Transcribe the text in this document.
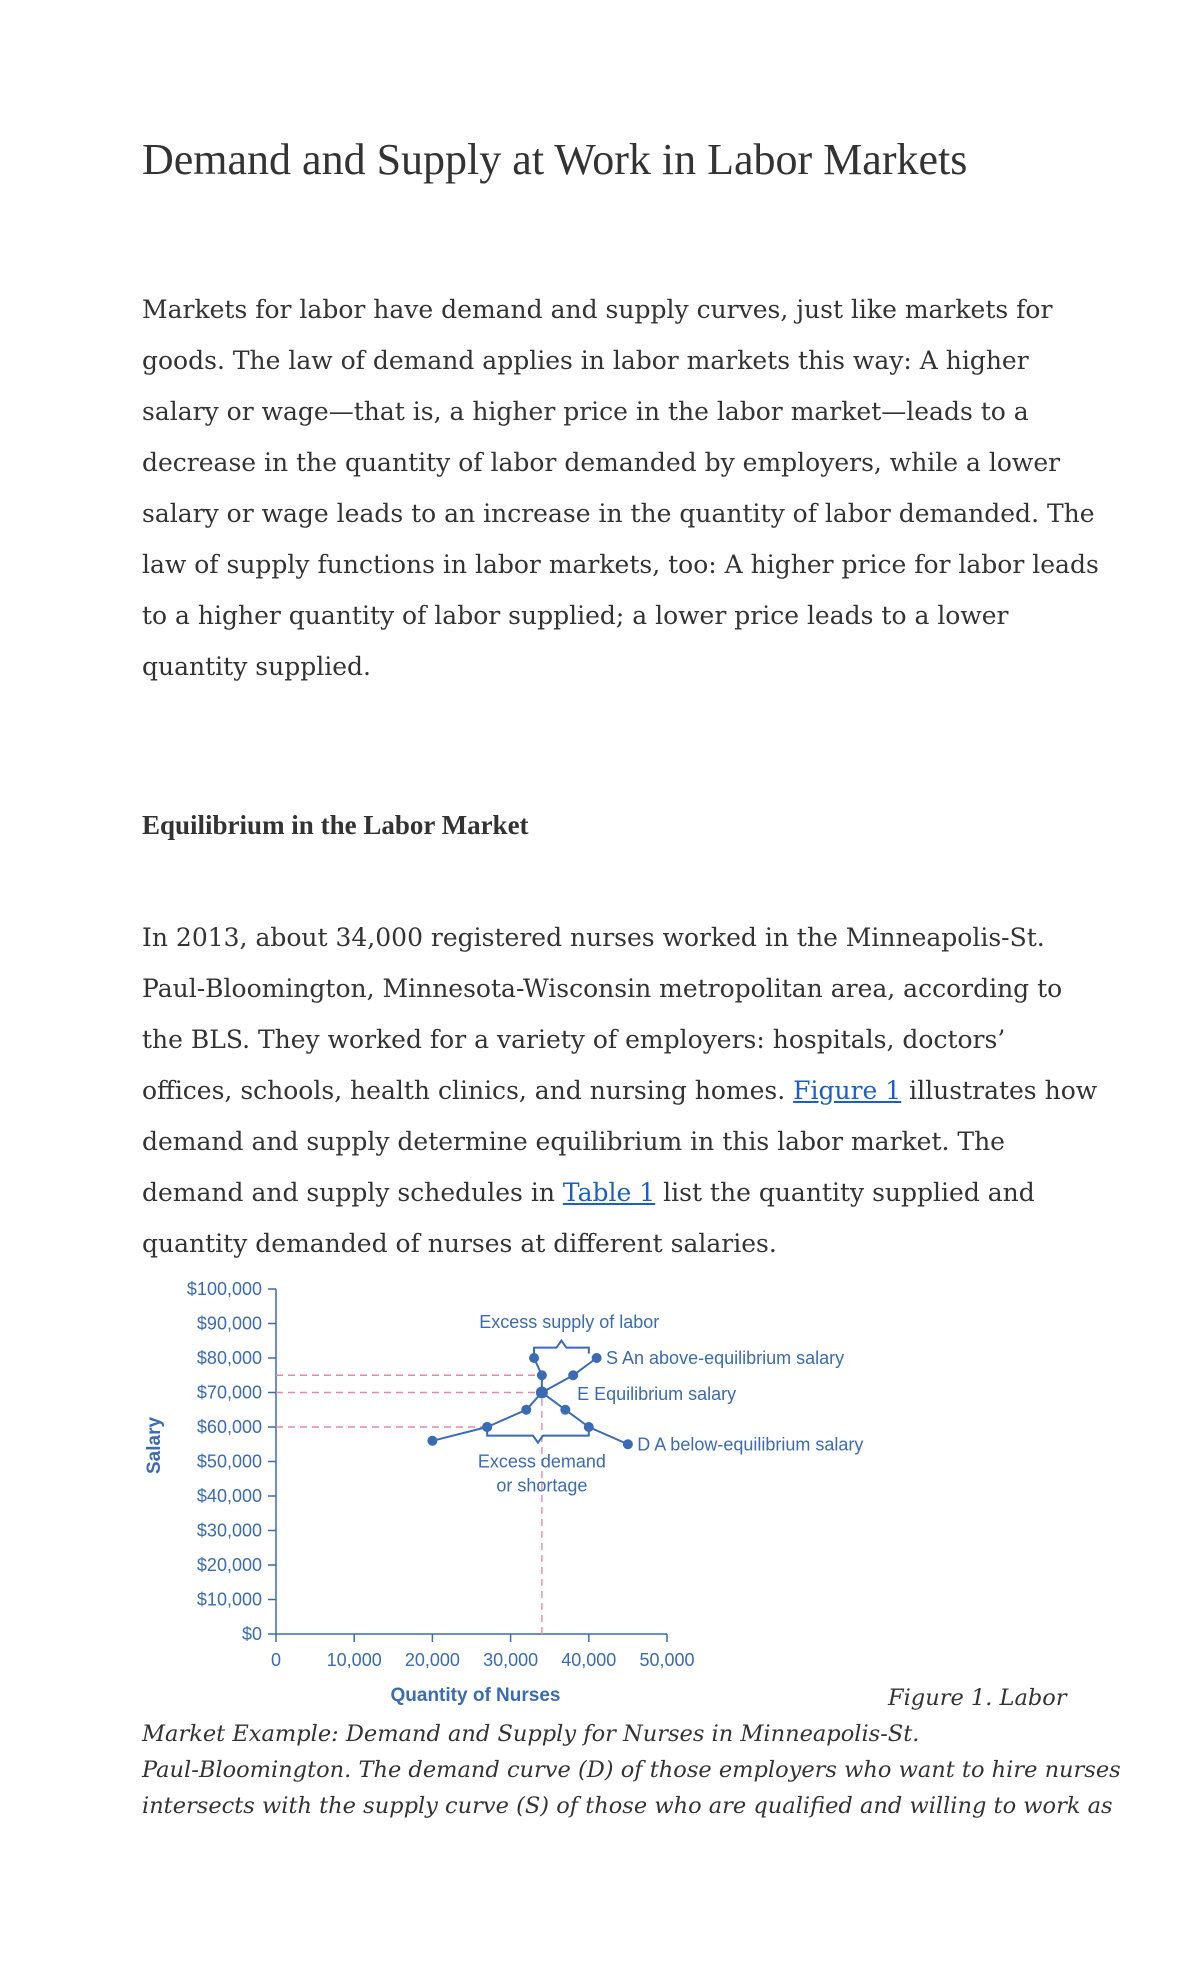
Demand and Supply at Work in Labor Markets

Markets for labor have demand and supply curves, just like markets for
goods. The law of demand applies in labor markets this way: A higher
salary or wage—that is, a higher price in the labor market—leads to a
decrease in the quantity of labor demanded by employers, while a lower
salary or wage leads to an increase in the quantity of labor demanded. The
law of supply functions in labor markets, too: A higher price for labor leads
to a higher quantity of labor supplied; a lower price leads to a lower
quantity supplied.

Equilibrium in the Labor Market

In 2013, about 34,000 registered nurses worked in the Minneapolis-St.
Paul-Bloomington, Minnesota-Wisconsin metropolitan area, according to
the BLS. They worked for a variety of employers: hospitals, doctors’
offices, schools, health clinics, and nursing homes. Figure 1 illustrates how
demand and supply determine equilibrium in this labor market. The
demand and supply schedules in Table 1 list the quantity supplied and
quantity demanded of nurses at different salaries.

$0
$10,000
$20,000
$30,000
$40,000
$50,000
$60,000
$70,000
$80,000
$90,000
$100,000
0	10,000 20,000 30,000 40,000 50,000
Quantity of Nurses
Salary
Excess supply of labor
S An above-equilibrium salary
E Equilibrium salary
D A below-equilibrium salary
Excess demand
or shortage

Figure 1. Labor

Market Example: Demand and Supply for Nurses in Minneapolis-St.
Paul-Bloomington. The demand curve (D) of those employers who want to hire nurses
intersects with the supply curve (S) of those who are qualified and willing to work as
